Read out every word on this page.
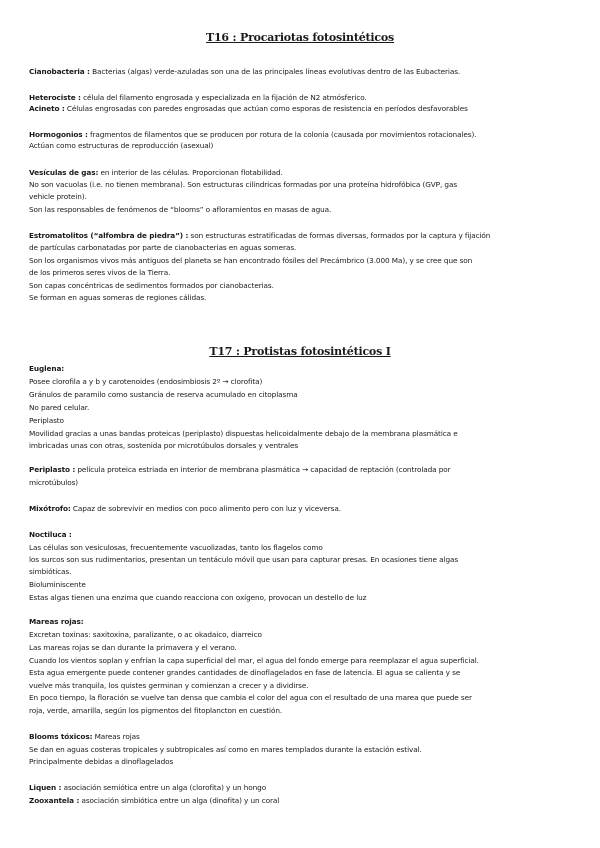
T16 : Procariotas fotosintéticos
Cianobacteria : Bacterias (algas) verde-azuladas son una de las principales líneas evolutivas dentro de las Eubacterias.
Heterociste : célula del filamento engrosada y especializada en la fijación de N2 atmósferico.
Acineto : Células engrosadas con paredes engrosadas que actúan como esporas de resistencia en períodos desfavorables
Hormogonios : fragmentos de filamentos que se producen por rotura de la colonia (causada por movimientos rotacionales).
Actúan como estructuras de reproducción (asexual)
Vesículas de gas: en interior de las células. Proporcionan flotabilidad.
No son vacuolas (i.e. no tienen membrana). Son estructuras cilíndricas formadas por una proteína hidrofóbica (GVP, gas
vehicle protein).
Son las responsables de fenómenos de “blooms” o afloramientos en masas de agua.
Estromatolitos (“alfombra de piedra”) : son estructuras estratificadas de formas diversas, formados por la captura y fijación
de partículas carbonatadas por parte de cianobacterias en aguas someras.
Son los organismos vivos más antiguos del planeta se han encontrado fósiles del Precámbrico (3.000 Ma), y se cree que son
de los primeros seres vivos de la Tierra.
Son capas concéntricas de sedimentos formados por cianobacterias.
Se forman en aguas someras de regiones cálidas.
T17 : Protistas fotosintéticos I
Euglena:
Posee clorofila a y b y carotenoides (endosimbiosis 2º → clorofita)
Gránulos de paramilo como sustancia de reserva acumulado en citoplasma
No pared celular.
Periplasto
Movilidad gracias a unas bandas proteicas (periplasto) dispuestas helicoidalmente debajo de la membrana plasmática e
imbricadas unas con otras, sostenida por microtúbulos dorsales y ventrales
Periplasto : película proteica estriada en interior de membrana plasmática → capacidad de reptación (controlada por
microtúbulos)
Mixótrofo: Capaz de sobrevivir en medios con poco alimento pero con luz y viceversa.
Noctiluca :
Las células son vesiculosas, frecuentemente vacuolizadas, tanto los flagelos como
los surcos son sus rudimentarios, presentan un tentáculo móvil que usan para capturar presas. En ocasiones tiene algas
simbióticas.
Bioluminiscente
Estas algas tienen una enzima que cuando reacciona con oxígeno, provocan un destello de luz
Mareas rojas:
Excretan toxinas: saxitoxina, paralizante, o ac okadaico, diarreico
Las mareas rojas se dan durante la primavera y el verano.
Cuando los vientos soplan y enfrían la capa superficial del mar, el agua del fondo emerge para reemplazar el agua superficial.
Esta agua emergente puede contener grandes cantidades de dinoflagelados en fase de latencia. El agua se calienta y se
vuelve más tranquila, los quistes germinan y comienzan a crecer y a dividirse.
En poco tiempo, la floración se vuelve tan densa que cambia el color del agua con el resultado de una marea que puede ser
roja, verde, amarilla, según los pigmentos del fitoplancton en cuestión.
Blooms tóxicos: Mareas rojas
Se dan en aguas costeras tropicales y subtropicales así como en mares templados durante la estación estival.
Principalmente debidas a dinoflagelados
Liquen : asociación semiótica entre un alga (clorofita) y un hongo
Zooxantela : asociación simbiótica entre un alga (dinofita) y un coral
